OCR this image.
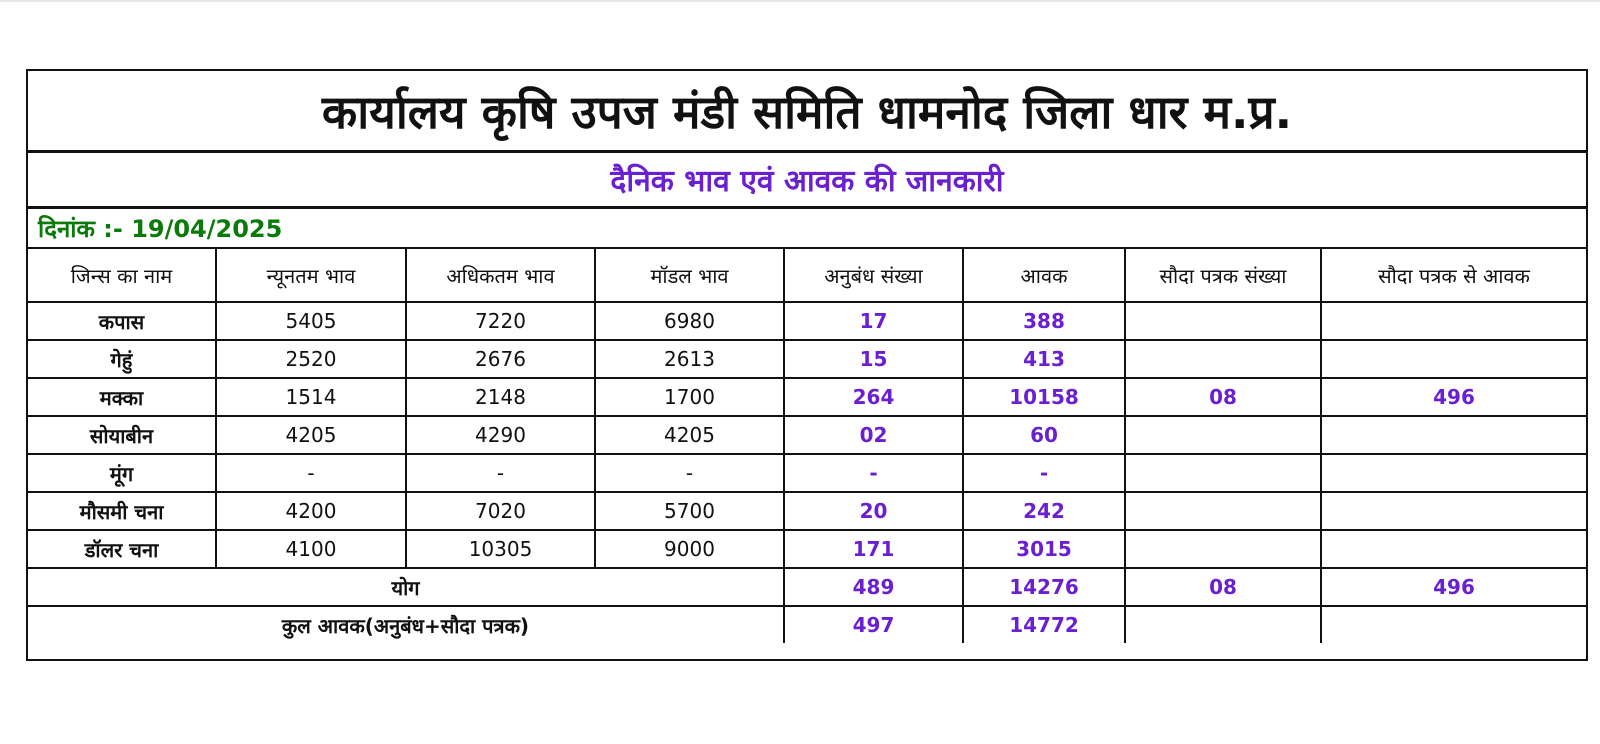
कार्यालय कृषि उपज मंडी समिति धामनोद जिला धार म.प्र.
दैनिक भाव एवं आवक की जानकारी
दिनांक :- 19/04/2025
जिन्स का नाम	न्यूनतम भाव	अधिकतम भाव	मॉडल भाव	अनुबंध संख्या	आवक	सौदा पत्रक संख्या	सौदा पत्रक से आवक
कपास	5405	7220	6980	17	388		
गेहुं	2520	2676	2613	15	413		
मक्का	1514	2148	1700	264	10158	08	496
सोयाबीन	4205	4290	4205	02	60		
मूंग	-	-	-	-	-		
मौसमी चना	4200	7020	5700	20	242		
डॉलर चना	4100	10305	9000	171	3015		
योग				489	14276	08	496
कुल आवक(अनुबंध+सौदा पत्रक)				497	14772		
